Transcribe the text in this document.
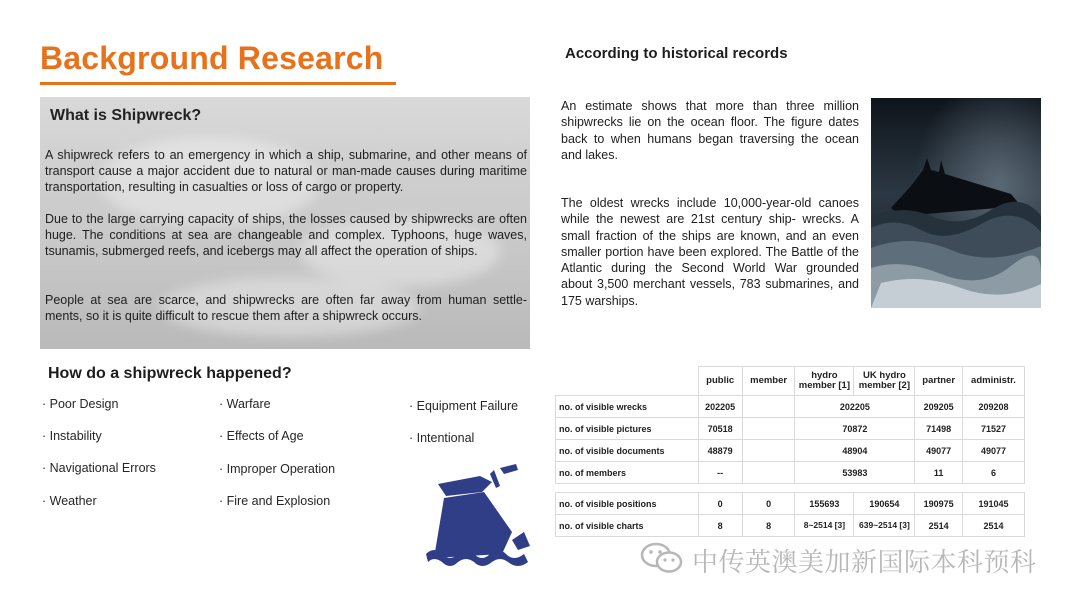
Background Research
What is Shipwreck?

A shipwreck refers to an emergency in which a ship, submarine, and other means of transport cause a major accident due to natural or man-made causes during maritime transportation, resulting in casualties or loss of cargo or property.

Due to the large carrying capacity of ships, the losses caused by shipwrecks are often huge. The conditions at sea are changeable and complex. Typhoons, huge waves, tsunamis, submerged reefs, and icebergs may all affect the operation of ships.

People at sea are scarce, and shipwrecks are often far away from human settle- ments, so it is quite difficult to rescue them after a shipwreck occurs.

How do a shipwreck happened?
· Poor Design
· Instability
· Navigational Errors
· Weather
· Warfare
· Effects of Age
· Improper Operation
· Fire and Explosion
· Equipment Failure
· Intentional
According to historical records

An estimate shows that more than three million shipwrecks lie on the ocean floor. The figure dates back to when humans began traversing the ocean and lakes.

The oldest wrecks include 10,000-year-old canoes while the newest are 21st century ship- wrecks. A small fraction of the ships are known, and an even smaller portion have been explored. The Battle of the Atlantic during the Second World War grounded about 3,500 merchant vessels, 783 submarines, and 175 warships.

	public	member	hydro member [1]	UK hydro member [2]	partner	administr.
no. of visible wrecks	202205		202205		209205	209208
no. of visible pictures	70518		70872		71498	71527
no. of visible documents	48879		48904		49077	49077
no. of members	--		53983		11	6

no. of visible positions	0	0	155693	190654	190975	191045
no. of visible charts	8	8	8~2514 [3]	639~2514 [3]	2514	2514
中传英澳美加新国际本科预科
